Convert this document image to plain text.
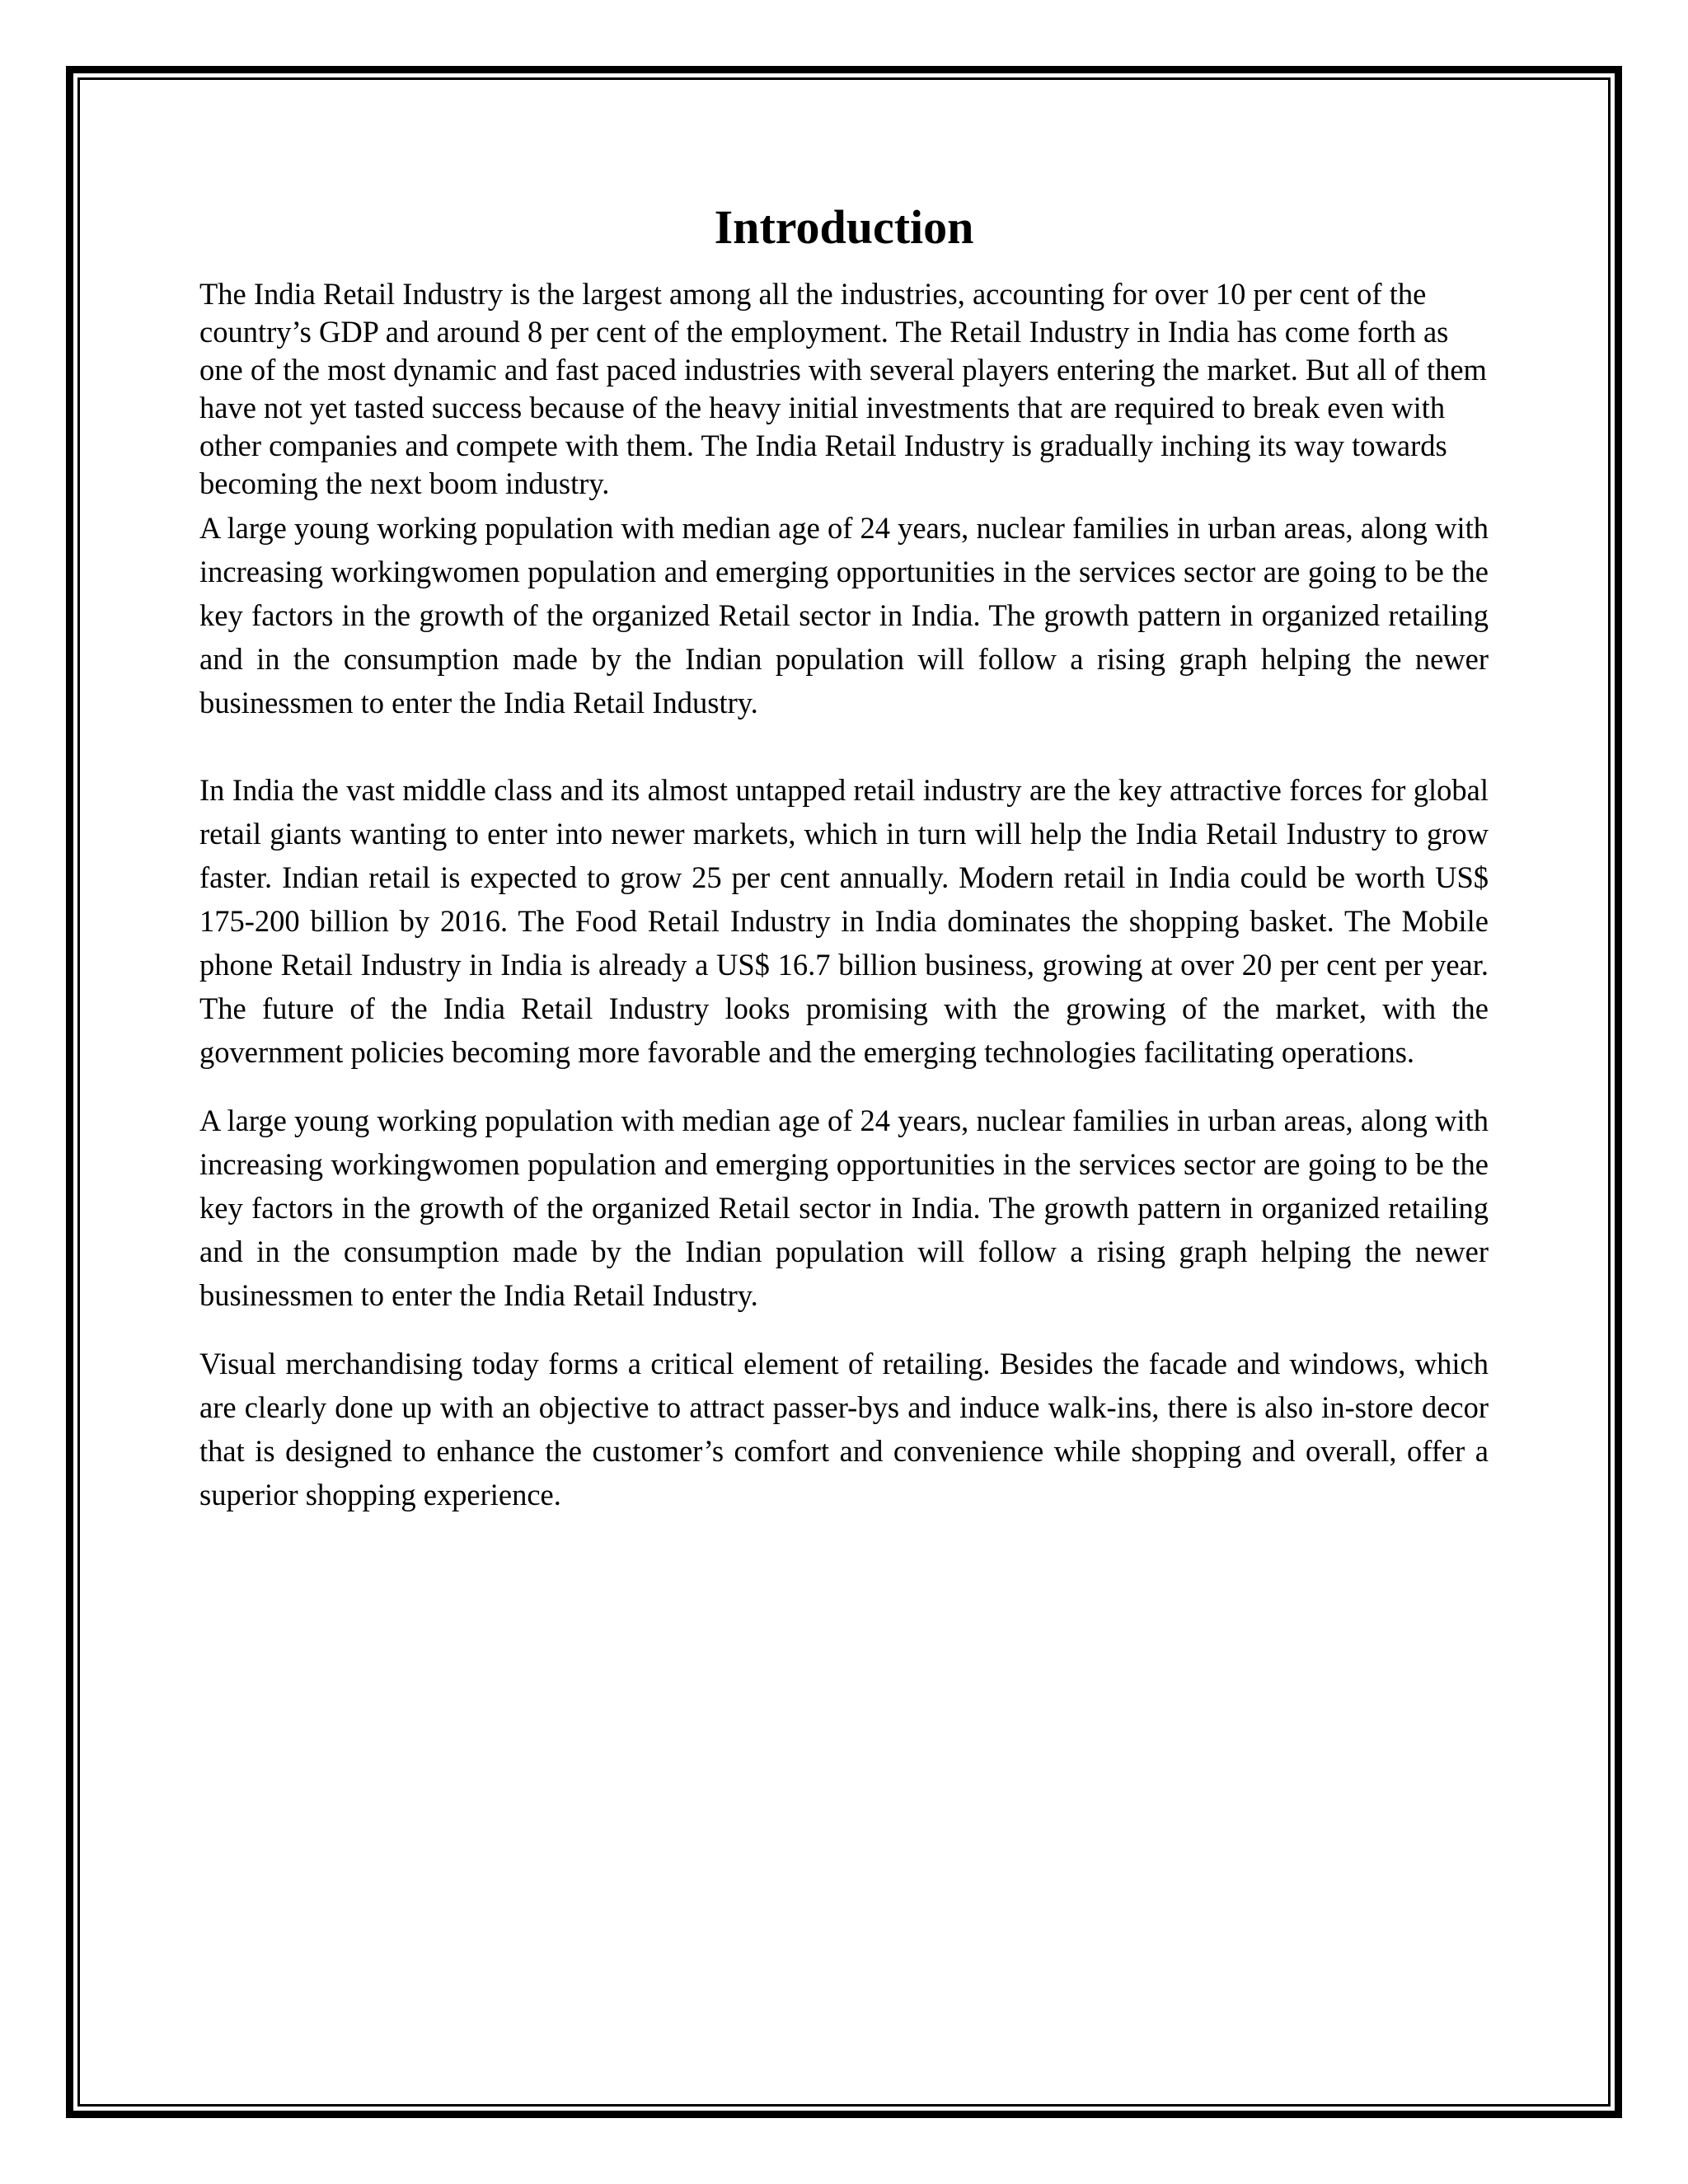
Introduction

The India Retail Industry is the largest among all the industries, accounting for over 10 per cent of the country’s GDP and around 8 per cent of the employment. The Retail Industry in India has come forth as one of the most dynamic and fast paced industries with several players entering the market. But all of them have not yet tasted success because of the heavy initial investments that are required to break even with other companies and compete with them. The India Retail Industry is gradually inching its way towards becoming the next boom industry.

A large young working population with median age of 24 years, nuclear families in urban areas, along with increasing workingwomen population and emerging opportunities in the services sector are going to be the key factors in the growth of the organized Retail sector in India. The growth pattern in organized retailing and in the consumption made by the Indian population will follow a rising graph helping the newer businessmen to enter the India Retail Industry.

In India the vast middle class and its almost untapped retail industry are the key attractive forces for global retail giants wanting to enter into newer markets, which in turn will help the India Retail Industry to grow faster. Indian retail is expected to grow 25 per cent annually. Modern retail in India could be worth US$ 175-200 billion by 2016. The Food Retail Industry in India dominates the shopping basket. The Mobile phone Retail Industry in India is already a US$ 16.7 billion business, growing at over 20 per cent per year. The future of the India Retail Industry looks promising with the growing of the market, with the government policies becoming more favorable and the emerging technologies facilitating operations.

A large young working population with median age of 24 years, nuclear families in urban areas, along with increasing workingwomen population and emerging opportunities in the services sector are going to be the key factors in the growth of the organized Retail sector in India. The growth pattern in organized retailing and in the consumption made by the Indian population will follow a rising graph helping the newer businessmen to enter the India Retail Industry.

Visual merchandising today forms a critical element of retailing. Besides the facade and windows, which are clearly done up with an objective to attract passer-bys and induce walk-ins, there is also in-store decor that is designed to enhance the customer’s comfort and convenience while shopping and overall, offer a superior shopping experience.
